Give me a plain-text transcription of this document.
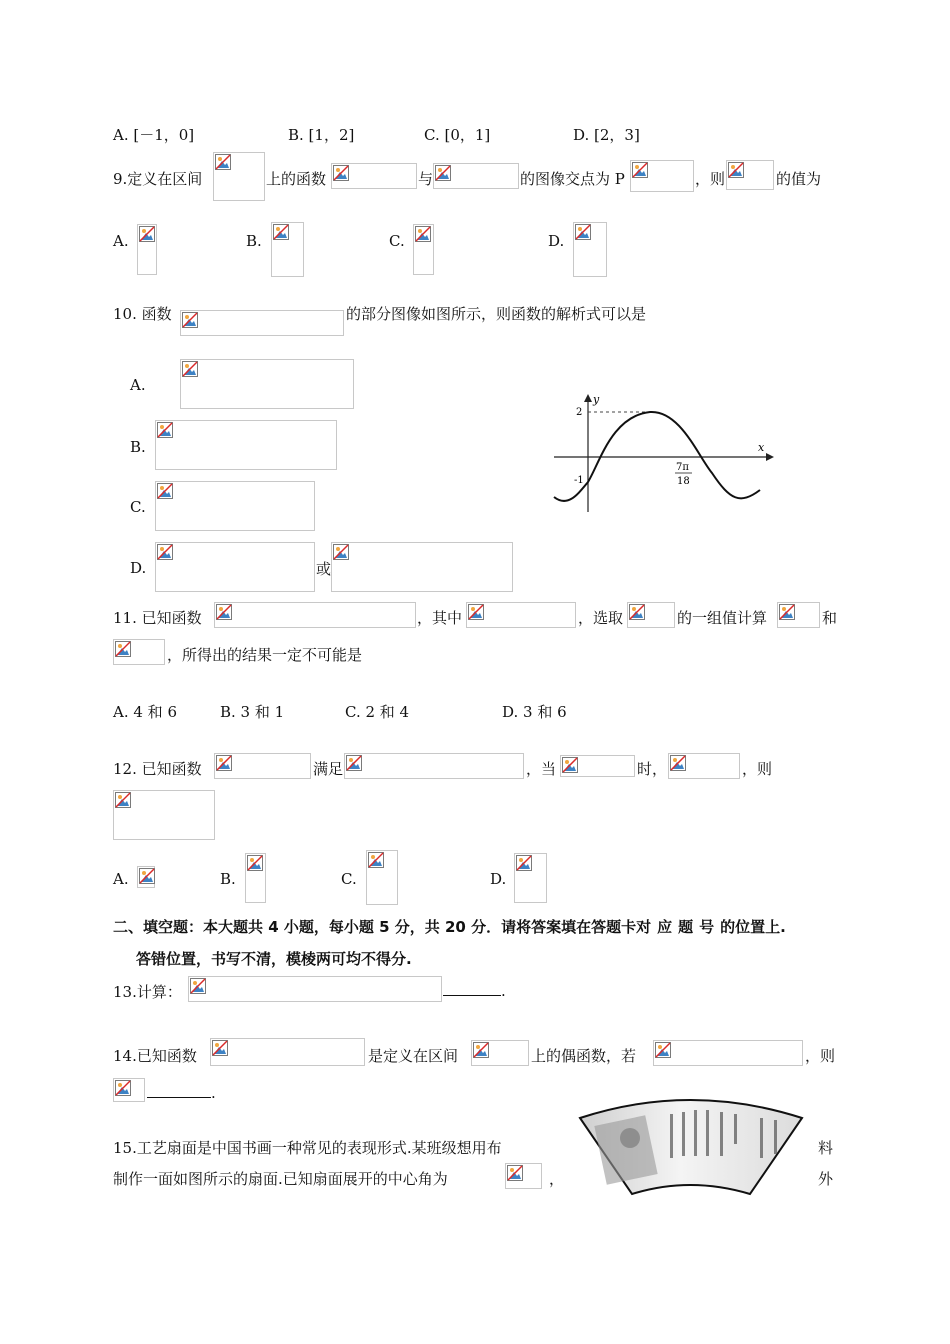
A. [－1，0]	B. [1，2]	C. [0，1]	D. [2，3]
9.定义在区间	上的函数	与	的图像交点为 P	，则	的值为
A.	B.	C.	D.
10. 函数	的部分图像如图所示，则函数的解析式可以是
A.
B.
C.
D.	或
y
x
2
-1
7π
18
11. 已知函数	，其中	，选取	的一组值计算	和
，所得出的结果一定不可能是
A. 4 和 6	B. 3 和 1	C. 2 和 4	D. 3 和 6
12. 已知函数	满足	，当	时，	，则
A.	B.	C.	D.
二、填空题：本大题共 4 小题，每小题 5 分，共 20 分．请将答案填在答题卡对应题号的位置上.
答错位置，书写不清，模棱两可均不得分.
13.计算：	.
14.已知函数	是定义在区间	上的偶函数，若	，则
.
15.工艺扇面是中国书画一种常见的表现形式.某班级想用布	料
制作一面如图所示的扇面.已知扇面展开的中心角为	，	外
